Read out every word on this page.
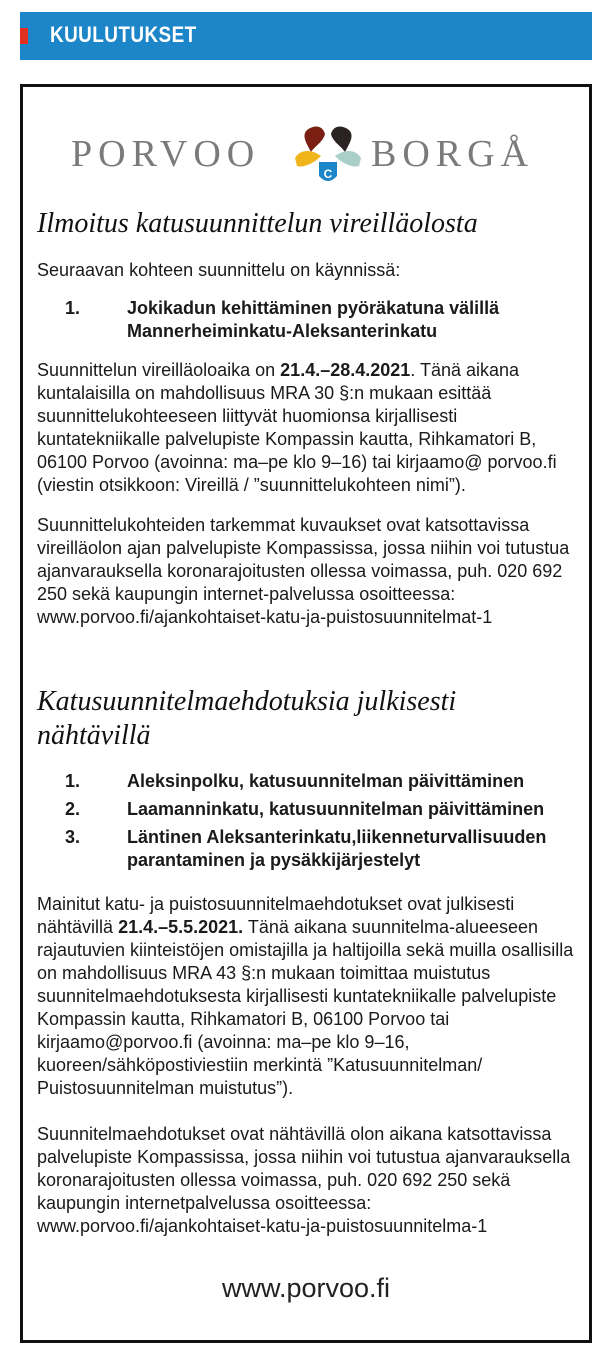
KUULUTUKSET
PORVOO	C BORGÅ
Ilmoitus katusuunnittelun vireilläolosta

Seuraavan kohteen suunnittelu on käynnissä:

1.	Jokikadun kehittäminen pyöräkatuna välillä Mannerheiminkatu-Aleksanterinkatu

Suunnittelun vireilläoloaika on 21.4.–28.4.2021. Tänä aikana kuntalaisilla on mahdollisuus MRA 30 §:n mukaan esittää suunnittelukohteeseen liittyvät huomionsa kirjallisesti kuntatekniikalle palvelupiste Kompassin kautta, Rihkamatori B, 06100 Porvoo (avoinna: ma–pe klo 9–16) tai kirjaamo@ porvoo.fi (viestin otsikkoon: Vireillä / ”suunnittelukohteen nimi”).

Suunnittelukohteiden tarkemmat kuvaukset ovat katsottavissa vireilläolon ajan palvelupiste Kompassissa, jossa niihin voi tutustua ajanvarauksella koronarajoitusten ollessa voimassa, puh. 020 692 250 sekä kaupungin internet-palvelussa osoitteessa:
www.porvoo.fi/ajankohtaiset-katu-ja-puistosuunnitelmat-1

Katusuunnitelmaehdotuksia julkisesti
nähtävillä
1.	Aleksinpolku, katusuunnitelman päivittäminen
2.	Laamanninkatu, katusuunnitelman päivittäminen
3.	Läntinen Aleksanterinkatu,liikenneturvallisuuden parantaminen ja pysäkkijärjestelyt

Mainitut katu- ja puistosuunnitelmaehdotukset ovat julkisesti nähtävillä 21.4.–5.5.2021. Tänä aikana suunnitelma-alueeseen rajautuvien kiinteistöjen omistajilla ja haltijoilla sekä muilla osallisilla on mahdollisuus MRA 43 §:n mukaan toimittaa muistutus suunnitelmaehdotuksesta kirjallisesti kuntatekniikalle palvelupiste Kompassin kautta, Rihkamatori B, 06100 Porvoo tai kirjaamo@porvoo.fi (avoinna: ma–pe klo 9–16, kuoreen/sähköpostiviestiin merkintä ”Katusuunnitelman/ Puistosuunnitelman muistutus”).

Suunnitelmaehdotukset ovat nähtävillä olon aikana katsottavissa palvelupiste Kompassissa, jossa niihin voi tutustua ajanvarauksella koronarajoitusten ollessa voimassa, puh. 020 692 250 sekä kaupungin internetpalvelussa osoitteessa:
www.porvoo.fi/ajankohtaiset-katu-ja-puistosuunnitelma-1

www.porvoo.fi
